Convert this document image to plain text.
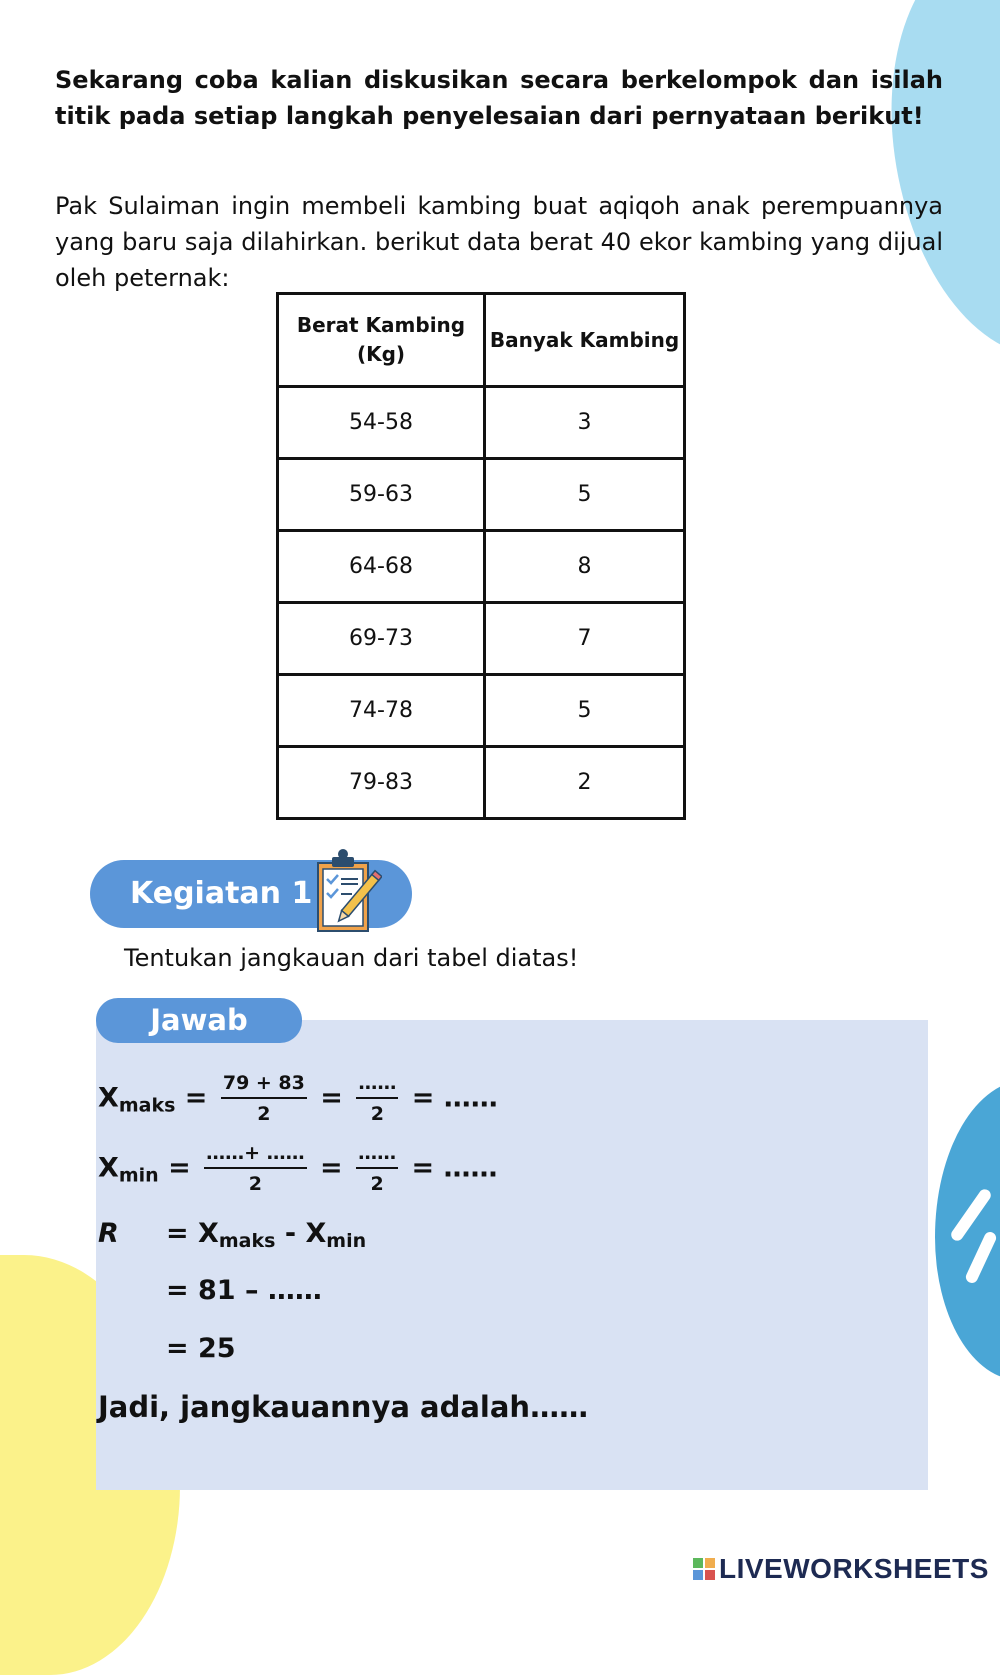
Sekarang coba kalian diskusikan secara berkelompok dan isilah titik pada setiap langkah penyelesaian dari pernyataan berikut!
Pak Sulaiman ingin membeli kambing buat aqiqoh anak perempuannya yang baru saja dilahirkan. berikut data berat 40 ekor kambing yang dijual oleh peternak:
Berat Kambing (Kg)	Banyak Kambing
54-58	3
59-63	5
64-68	8
69-73	7
74-78	5
79-83	2
Kegiatan 1
Tentukan jangkauan dari tabel diatas!
Jawab
$X_{maks} = \frac{79 + 83}{2} = \frac{\dots\dots}{2}$ = ……
$X_{min} = \frac{\dots\dots+ \dots\dots}{2} = \frac{\dots\dots}{2}$ = ……
$R = X_{maks} - X_{min}$
= 81 – ……
= 25
Jadi, jangkauannya adalah……
LIVEWORKSHEETS
